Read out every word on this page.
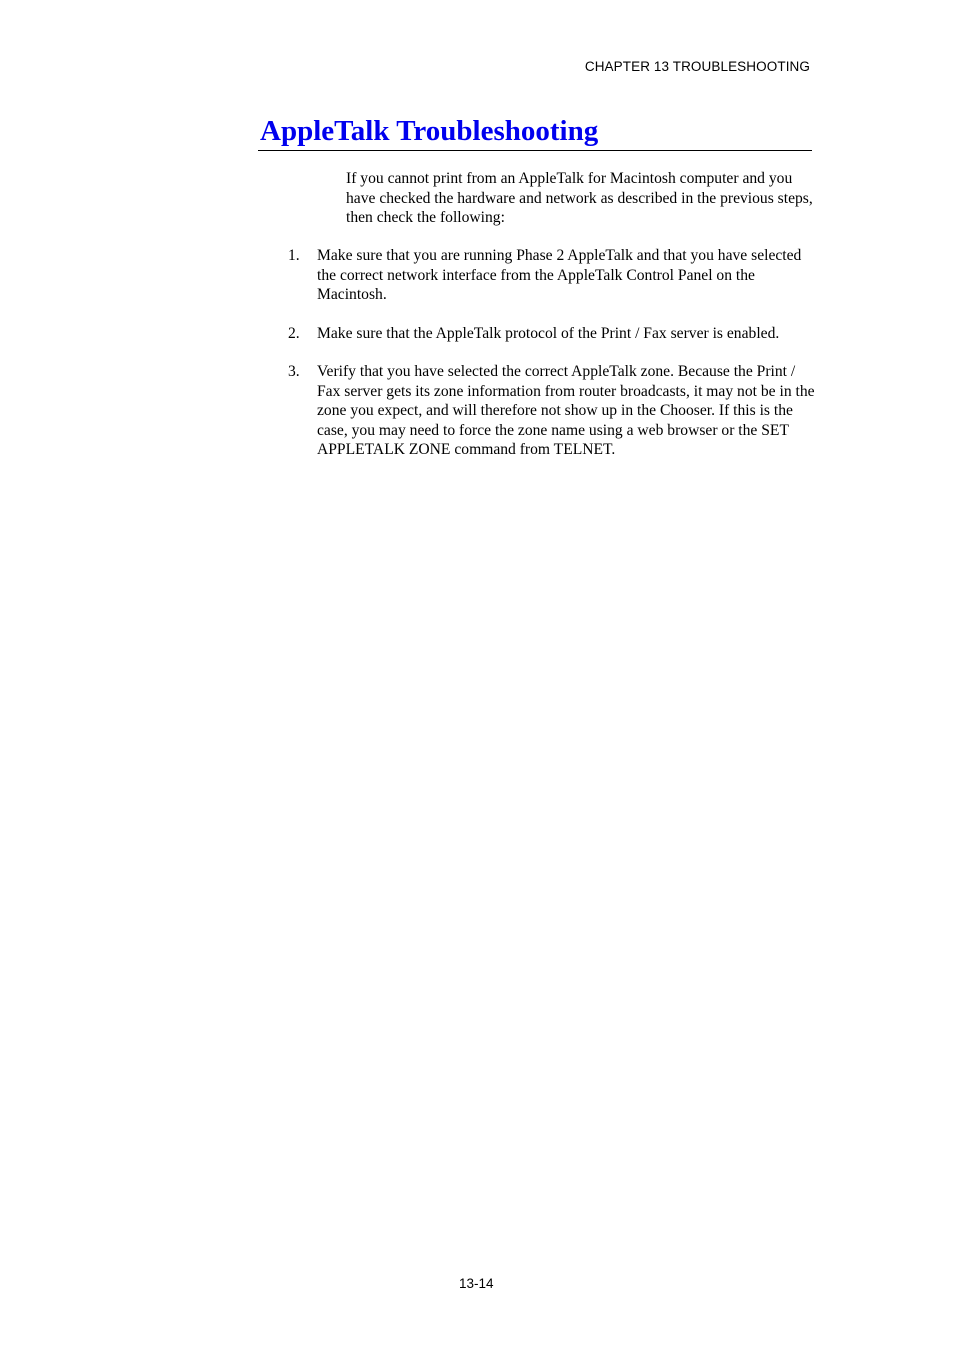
CHAPTER 13 TROUBLESHOOTING
AppleTalk Troubleshooting

If you cannot print from an AppleTalk for Macintosh computer and you have checked the hardware and network as described in the previous steps, then check the following:

1. Make sure that you are running Phase 2 AppleTalk and that you have selected the correct network interface from the AppleTalk Control Panel on the Macintosh.
2. Make sure that the AppleTalk protocol of the Print / Fax server is enabled.
3. Verify that you have selected the correct AppleTalk zone. Because the Print / Fax server gets its zone information from router broadcasts, it may not be in the zone you expect, and will therefore not show up in the Chooser. If this is the case, you may need to force the zone name using a web browser or the SET APPLETALK ZONE command from TELNET.
13-14
